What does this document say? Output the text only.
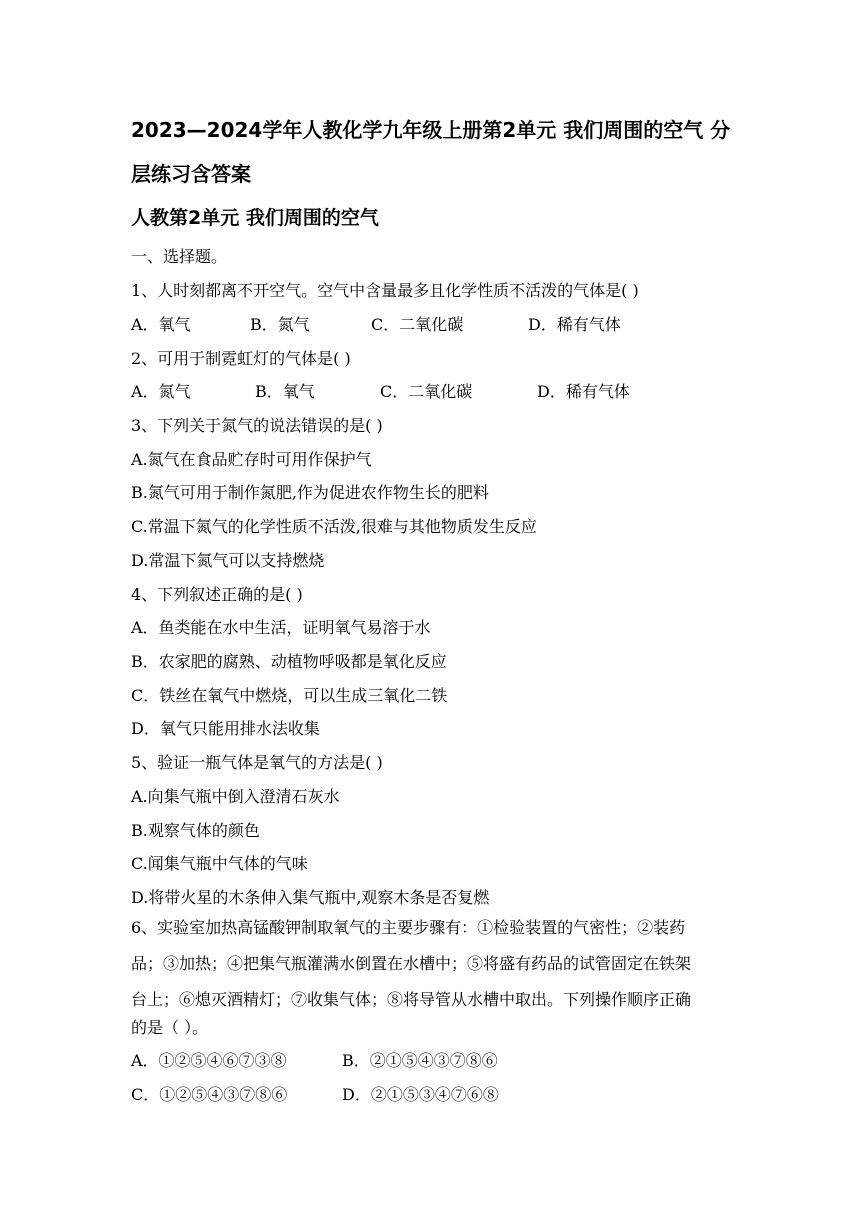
2023—2024学年人教化学九年级上册第2单元 我们周围的空气 分
层练习含答案
人教第2单元 我们周围的空气
一、选择题。
1、人时刻都离不开空气。空气中含量最多且化学性质不活泼的气体是( )
A．氧气	B．氮气	C．二氧化碳	D．稀有气体
2、可用于制霓虹灯的气体是( )
A．氮气	B．氧气	C．二氧化碳	D．稀有气体
3、下列关于氮气的说法错误的是( )
A.氮气在食品贮存时可用作保护气
B.氮气可用于制作氮肥,作为促进农作物生长的肥料
C.常温下氮气的化学性质不活泼,很难与其他物质发生反应
D.常温下氮气可以支持燃烧
4、下列叙述正确的是( )
A．鱼类能在水中生活，证明氧气易溶于水
B．农家肥的腐熟、动植物呼吸都是氧化反应
C．铁丝在氧气中燃烧，可以生成三氧化二铁
D．氧气只能用排水法收集
5、验证一瓶气体是氧气的方法是( )
A.向集气瓶中倒入澄清石灰水
B.观察气体的颜色
C.闻集气瓶中气体的气味
D.将带火星的木条伸入集气瓶中,观察木条是否复燃
6、实验室加热高锰酸钾制取氧气的主要步骤有：①检验装置的气密性；②装药
品；③加热；④把集气瓶灌满水倒置在水槽中；⑤将盛有药品的试管固定在铁架
台上；⑥熄灭酒精灯；⑦收集气体；⑧将导管从水槽中取出。下列操作顺序正确
的是（ ）。
A．①②⑤④⑥⑦③⑧	B．②①⑤④③⑦⑧⑥
C．①②⑤④③⑦⑧⑥	D．②①⑤③④⑦⑥⑧
